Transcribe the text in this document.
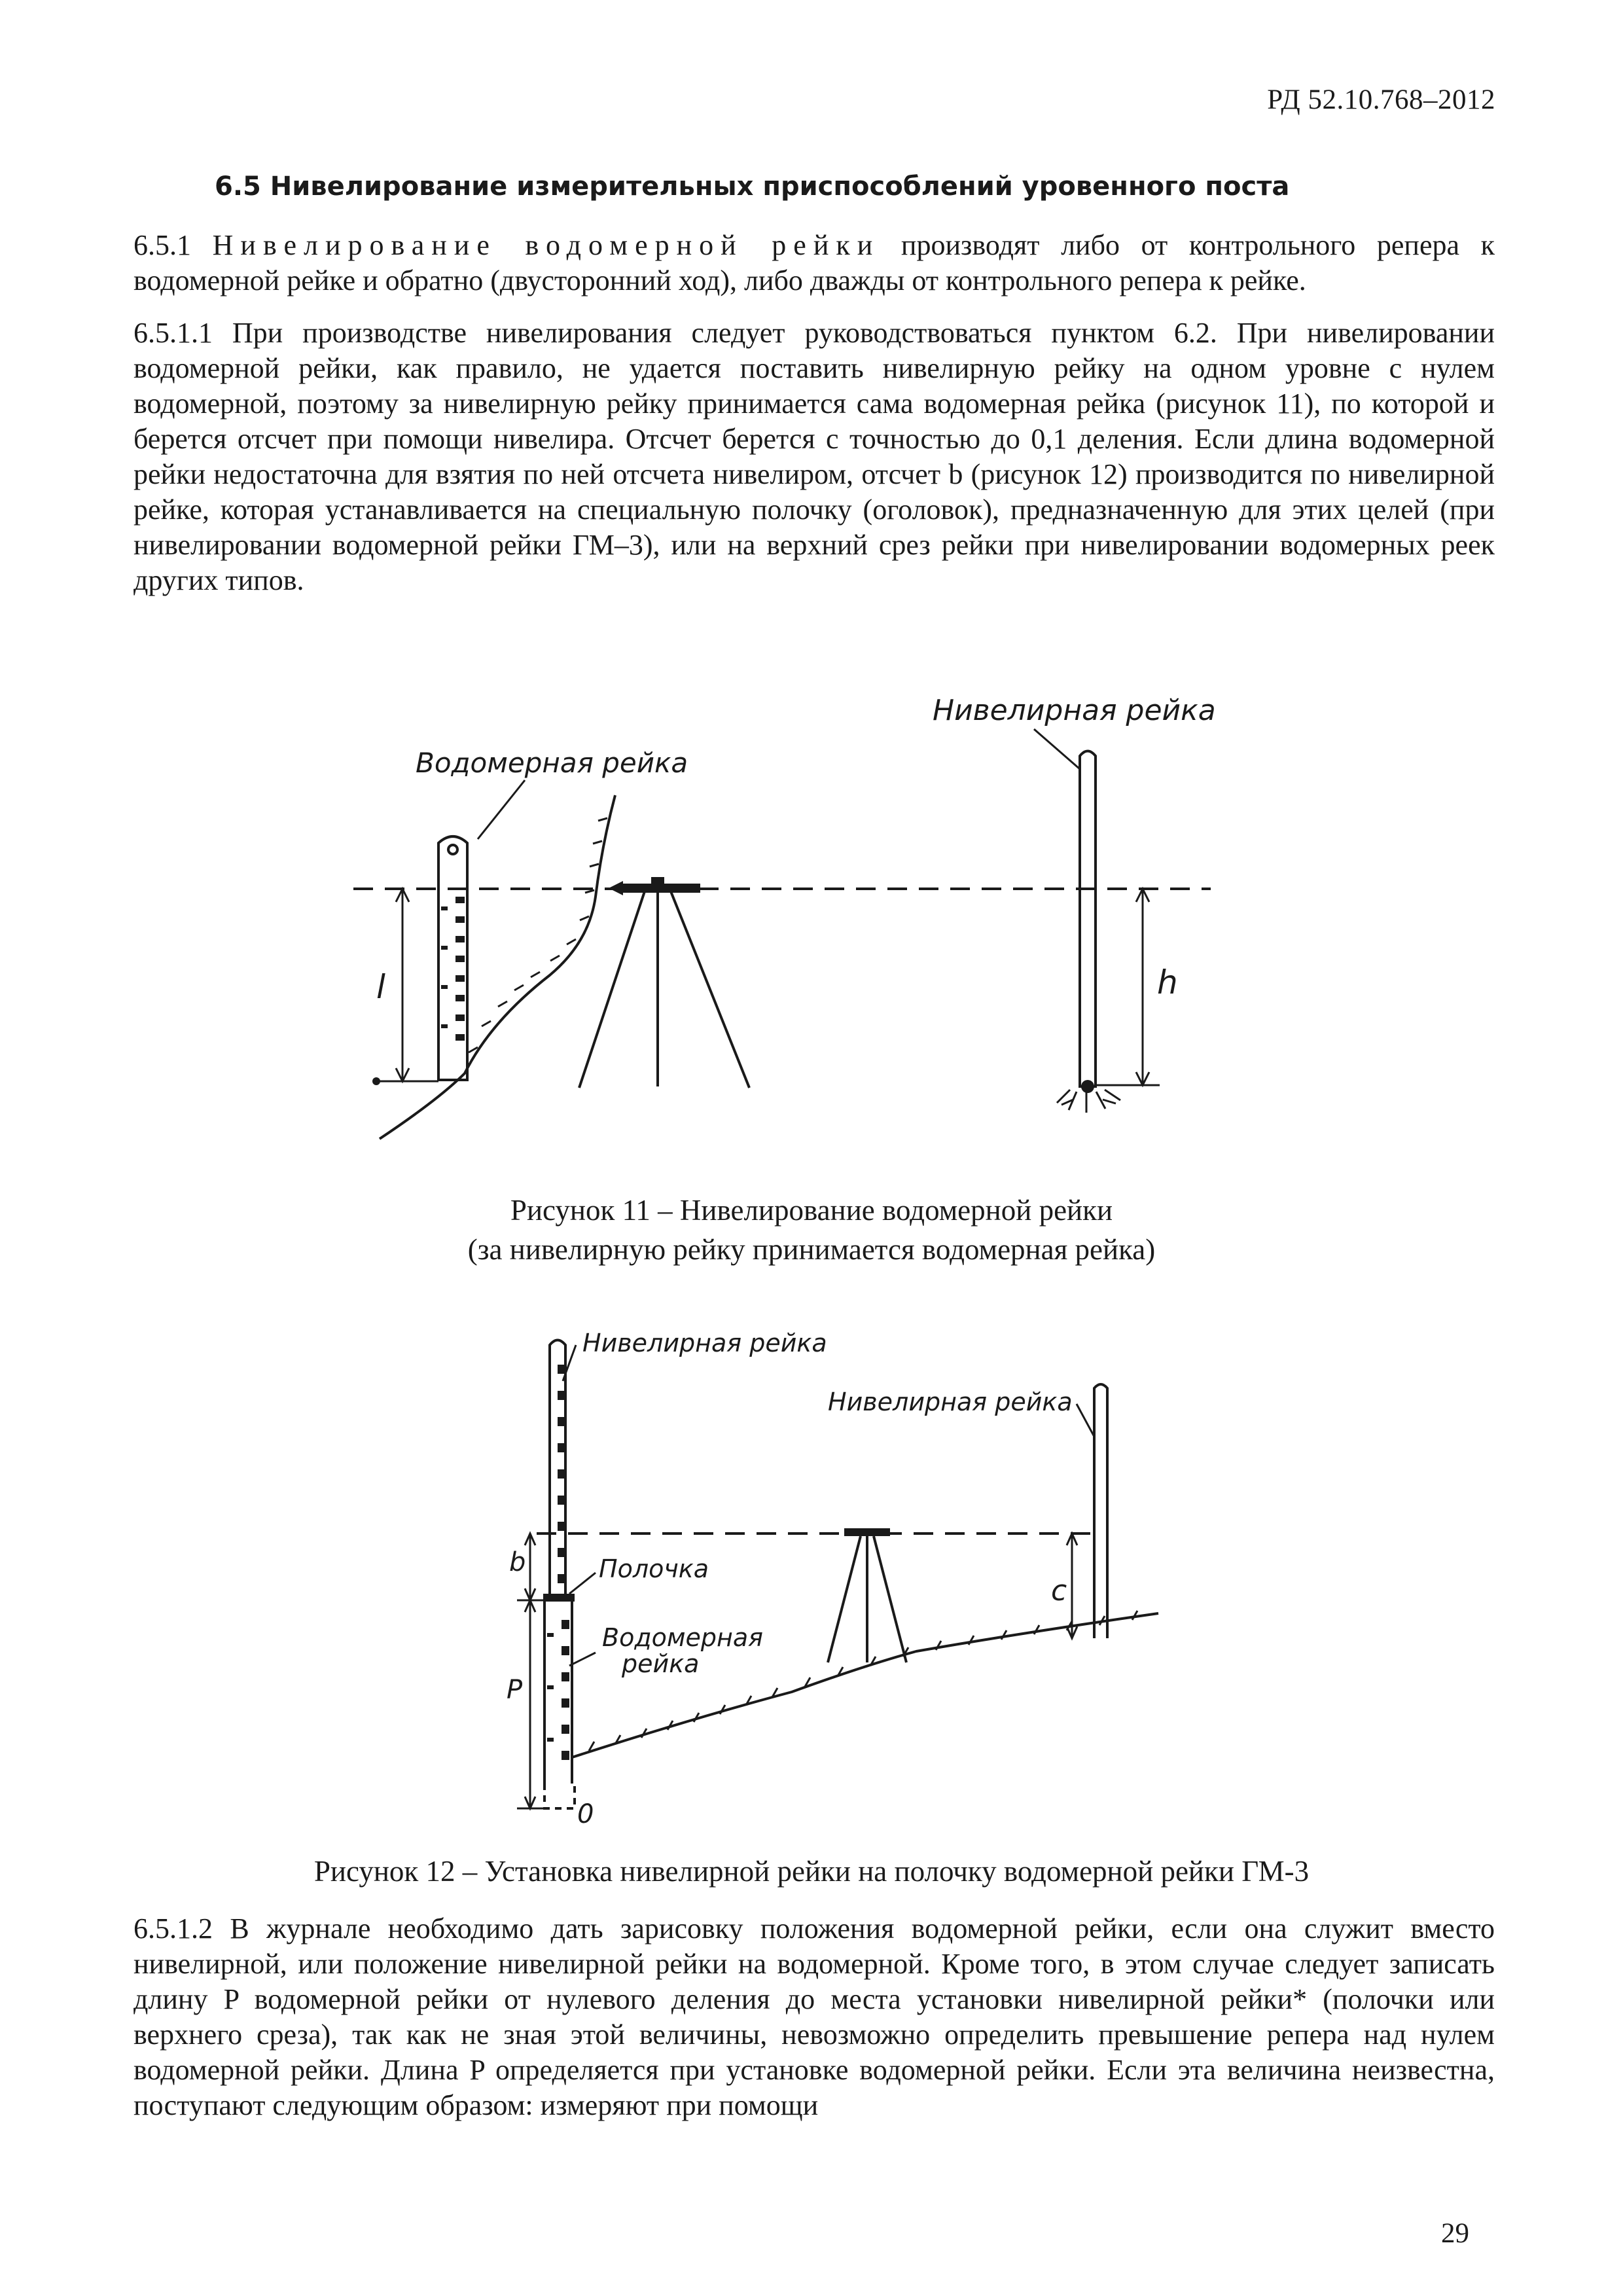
РД 52.10.768–2012
6.5 Нивелирование измерительных приспособлений уровенного поста

6.5.1 Нивелирование водомерной рейки производят либо от контрольного репера к водомерной рейке и обратно (двусторонний ход), либо дважды от контрольного репера к рейке.

6.5.1.1 При производстве нивелирования следует руководствоваться пунктом 6.2. При нивелировании водомерной рейки, как правило, не удается поставить нивелирную рейку на одном уровне с нулем водомерной, поэтому за нивелирную рейку принимается сама водомерная рейка (рисунок 11), по которой и берется отсчет при помощи нивелира. Отсчет берется с точностью до 0,1 деления. Если длина водомерной рейки недостаточна для взятия по ней отсчета нивелиром, отсчет b (рисунок 12) производится по нивелирной рейке, которая устанавливается на специальную полочку (оголовок), предназначенную для этих целей (при нивелировании водомерной рейки ГМ–3), или на верхний срез рейки при нивелировании водомерных реек других типов.

Водомерная рейка
Нивелирная рейка
l	h
Рисунок 11 – Нивелирование водомерной рейки
(за нивелирную рейку принимается водомерная рейка)
Нивелирная рейка
Нивелирная рейка
Полочка
Водомерная
рейка
b
P
c
0
Рисунок 12 – Установка нивелирной рейки на полочку водомерной рейки ГМ-3

6.5.1.2 В журнале необходимо дать зарисовку положения водомерной рейки, если она служит вместо нивелирной, или положение нивелирной рейки на водомерной. Кроме того, в этом случае следует записать длину P водомерной рейки от нулевого деления до места установки нивелирной рейки* (полочки или верхнего среза), так как не зная этой величины, невозможно определить превышение репера над нулем водомерной рейки. Длина P определяется при установке водомерной рейки. Если эта величина неизвестна, поступают следующим образом: измеряют при помощи

29
